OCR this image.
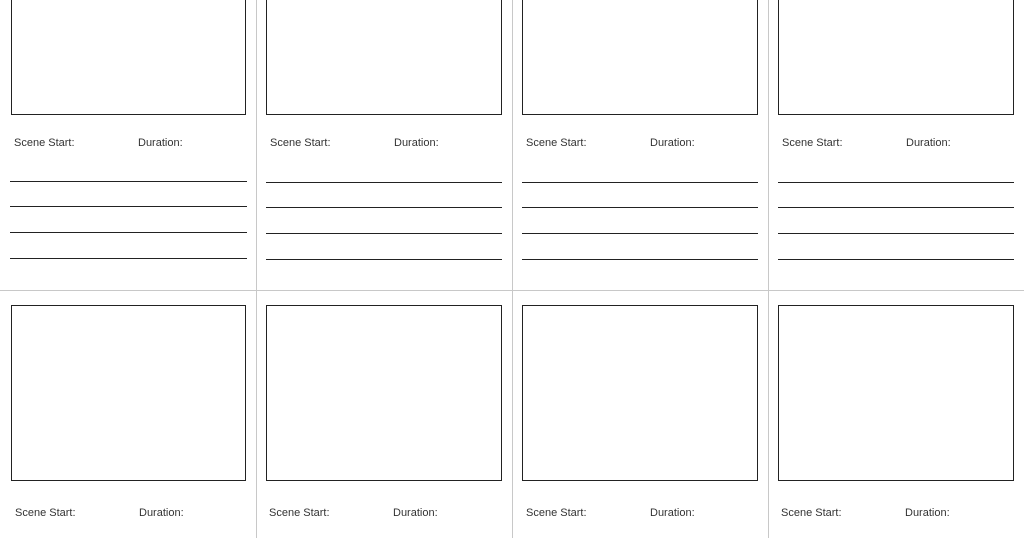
Scene Start:	Duration:	Scene Start:	Duration:	Scene Start:	Duration:	Scene Start:	Duration:
Scene Start:	Duration:	Scene Start:	Duration:	Scene Start:	Duration:	Scene Start:	Duration:
